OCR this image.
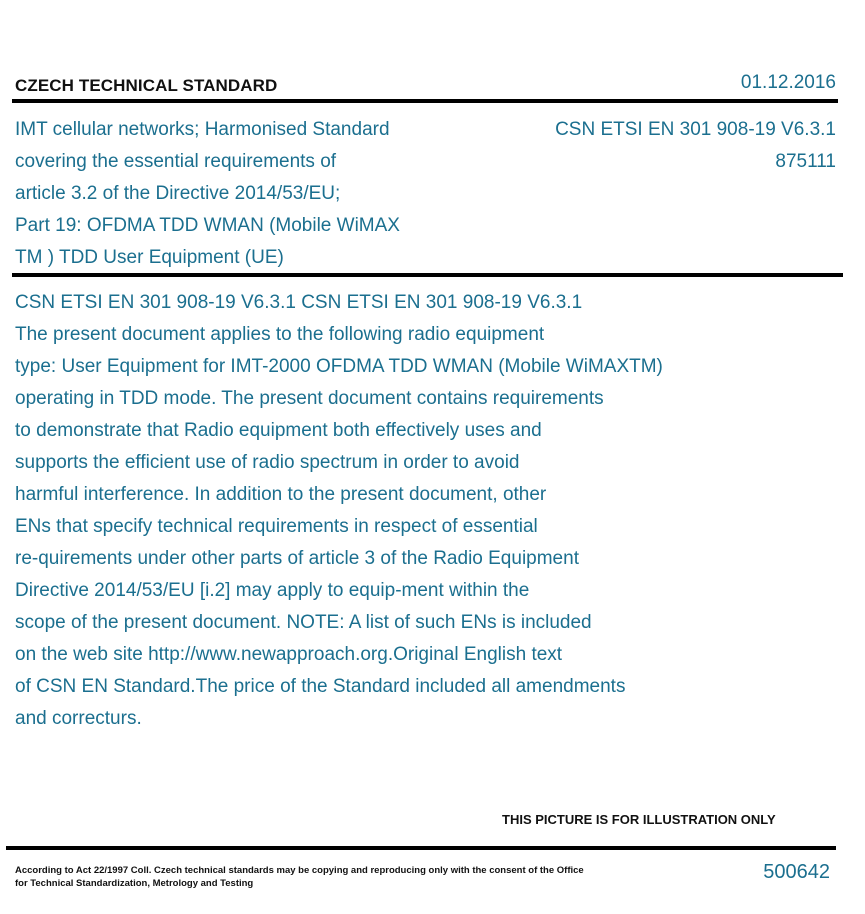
CZECH TECHNICAL STANDARD	01.12.2016
IMT cellular networks; Harmonised Standard
covering the essential requirements of
article 3.2 of the Directive 2014/53/EU;
Part 19: OFDMA TDD WMAN (Mobile WiMAX
TM ) TDD User Equipment (UE)
CSN ETSI EN 301 908-19 V6.3.1
875111
CSN ETSI EN 301 908-19 V6.3.1 CSN ETSI EN 301 908-19 V6.3.1
The present document applies to the following radio equipment
type: User Equipment for IMT-2000 OFDMA TDD WMAN (Mobile WiMAXTM)
operating in TDD mode. The present document contains requirements
to demonstrate that Radio equipment both effectively uses and
supports the efficient use of radio spectrum in order to avoid
harmful interference. In addition to the present document, other
ENs that specify technical requirements in respect of essential
re-quirements under other parts of article 3 of the Radio Equipment
Directive 2014/53/EU [i.2] may apply to equip-ment within the
scope of the present document. NOTE: A list of such ENs is included
on the web site http://www.newapproach.org.Original English text
of CSN EN Standard.The price of the Standard included all amendments
and correcturs.
THIS PICTURE IS FOR ILLUSTRATION ONLY
According to Act 22/1997 Coll. Czech technical standards may be copying and reproducing only with the consent of the Office
for Technical Standardization, Metrology and Testing
500642
